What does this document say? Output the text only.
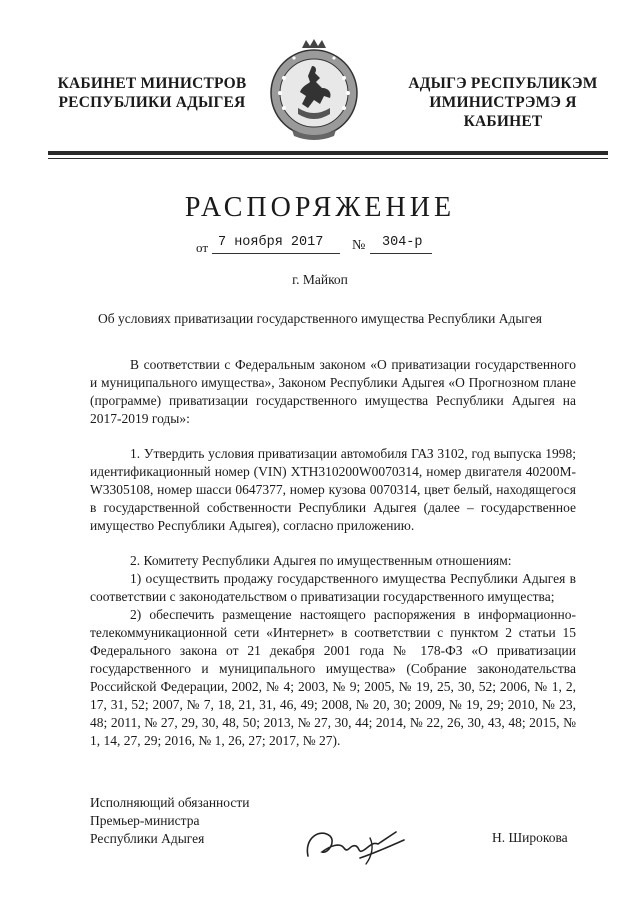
КАБИНЕТ МИНИСТРОВ
РЕСПУБЛИКИ АДЫГЕЯ
АДЫГЭ РЕСПУБЛИКЭМ
ИМИНИСТРЭМЭ Я КАБИНЕТ
РАСПОРЯЖЕНИЕ
от 7 ноября 2017	№	304-р
г. Майкоп
Об условиях приватизации государственного имущества Республики Адыгея

В соответствии с Федеральным законом «О приватизации государственного и муниципального имущества», Законом Республики Адыгея «О Прогнозном плане (программе) приватизации государственного имущества Республики Адыгея на 2017-2019 годы»:

1. Утвердить условия приватизации автомобиля ГАЗ 3102, год выпуска 1998; идентификационный номер (VIN) XTH310200W0070314, номер двигателя 40200M-W3305108, номер шасси 0647377, номер кузова 0070314, цвет белый, находящегося в государственной собственности Республики Адыгея (далее – государственное имущество Республики Адыгея), согласно приложению.

2. Комитету Республики Адыгея по имущественным отношениям:

1) осуществить продажу государственного имущества Республики Адыгея в соответствии с законодательством о приватизации государственного имущества;

2) обеспечить размещение настоящего распоряжения в информационно-телекоммуникационной сети «Интернет» в соответствии с пунктом 2 статьи 15 Федерального закона от 21 декабря 2001 года № 178-ФЗ «О приватизации государственного и муниципального имущества» (Собрание законодательства Российской Федерации, 2002, № 4; 2003, № 9; 2005, № 19, 25, 30, 52; 2006, № 1, 2, 17, 31, 52; 2007, № 7, 18, 21, 31, 46, 49; 2008, № 20, 30; 2009, № 19, 29; 2010, № 23, 48; 2011, № 27, 29, 30, 48, 50; 2013, № 27, 30, 44; 2014, № 22, 26, 30, 43, 48; 2015, № 1, 14, 27, 29; 2016, № 1, 26, 27; 2017, № 27).

Исполняющий обязанности
Премьер-министра
Республики Адыгея	Н. Широкова
